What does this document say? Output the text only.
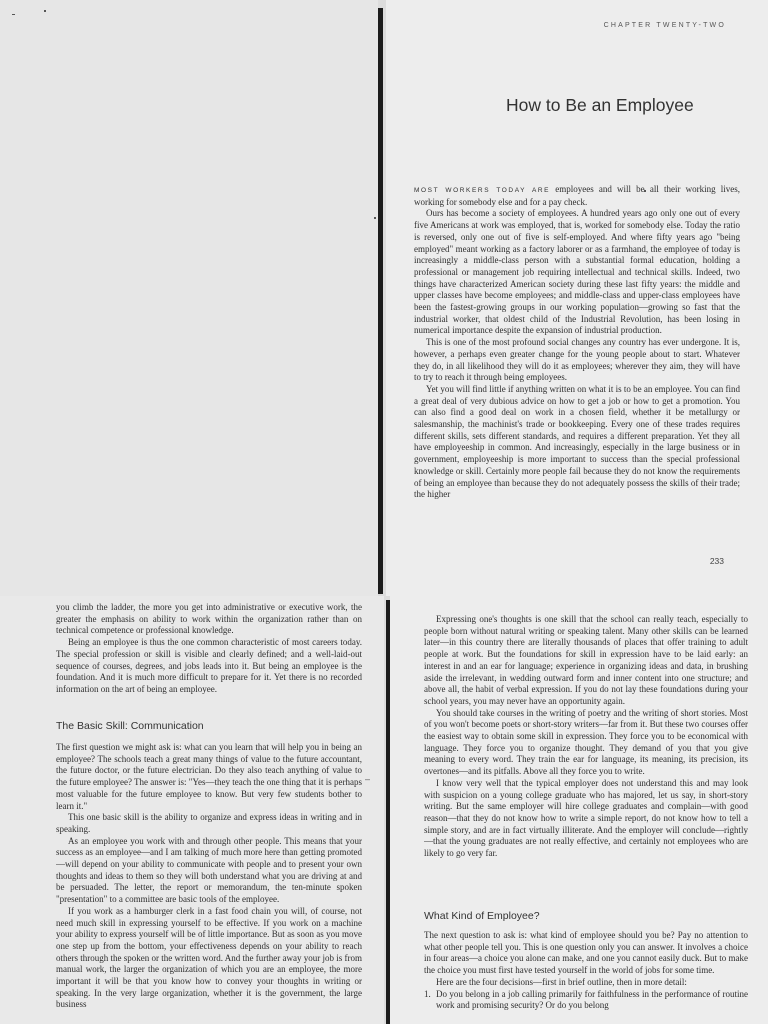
CHAPTER TWENTY-TWO
How to Be an Employee

MOST WORKERS TODAY ARE employees and will be all their working lives, working for somebody else and for a pay check.

Ours has become a society of employees. A hundred years ago only one out of every five Americans at work was employed, that is, worked for somebody else. Today the ratio is reversed, only one out of five is self-employed. And where fifty years ago "being employed" meant working as a factory laborer or as a farmhand, the employee of today is increasingly a middle-class person with a substantial formal education, holding a professional or management job requiring intellectual and technical skills. Indeed, two things have characterized American society during these last fifty years: the middle and upper classes have become employees; and middle-class and upper-class employees have been the fastest-growing groups in our working population—growing so fast that the industrial worker, that oldest child of the Industrial Revolution, has been losing in numerical importance despite the expansion of industrial production.

This is one of the most profound social changes any country has ever undergone. It is, however, a perhaps even greater change for the young people about to start. Whatever they do, in all likelihood they will do it as employees; wherever they aim, they will have to try to reach it through being employees.

Yet you will find little if anything written on what it is to be an employee. You can find a great deal of very dubious advice on how to get a job or how to get a promotion. You can also find a good deal on work in a chosen field, whether it be metallurgy or salesmanship, the machinist's trade or bookkeeping. Every one of these trades requires different skills, sets different standards, and requires a different preparation. Yet they all have employeeship in common. And increasingly, especially in the large business or in government, employeeship is more important to success than the special professional knowledge or skill. Certainly more people fail because they do not know the requirements of being an employee than because they do not adequately possess the skills of their trade; the higher

233

you climb the ladder, the more you get into administrative or executive work, the greater the emphasis on ability to work within the organization rather than on technical competence or professional knowledge.

Being an employee is thus the one common characteristic of most careers today. The special profession or skill is visible and clearly defined; and a well-laid-out sequence of courses, degrees, and jobs leads into it. But being an employee is the foundation. And it is much more difficult to prepare for it. Yet there is no recorded information on the art of being an employee.

The Basic Skill: Communication

The first question we might ask is: what can you learn that will help you in being an employee? The schools teach a great many things of value to the future accountant, the future doctor, or the future electrician. Do they also teach anything of value to the future employee? The answer is: "Yes—they teach the one thing that it is perhaps most valuable for the future employee to know. But very few students bother to learn it."

This one basic skill is the ability to organize and express ideas in writing and in speaking.

As an employee you work with and through other people. This means that your success as an employee—and I am talking of much more here than getting promoted—will depend on your ability to communicate with people and to present your own thoughts and ideas to them so they will both understand what you are driving at and be persuaded. The letter, the report or memorandum, the ten-minute spoken "presentation" to a committee are basic tools of the employee.

If you work as a hamburger clerk in a fast food chain you will, of course, not need much skill in expressing yourself to be effective. If you work on a machine your ability to express yourself will be of little importance. But as soon as you move one step up from the bottom, your effectiveness depends on your ability to reach others through the spoken or the written word. And the further away your job is from manual work, the larger the organization of which you are an employee, the more important it will be that you know how to convey your thoughts in writing or speaking. In the very large organization, whether it is the government, the large business

–

Expressing one's thoughts is one skill that the school can really teach, especially to people born without natural writing or speaking talent. Many other skills can be learned later—in this country there are literally thousands of places that offer training to adult people at work. But the foundations for skill in expression have to be laid early: an interest in and an ear for language; experience in organizing ideas and data, in brushing aside the irrelevant, in wedding outward form and inner content into one structure; and above all, the habit of verbal expression. If you do not lay these foundations during your school years, you may never have an opportunity again.

You should take courses in the writing of poetry and the writing of short stories. Most of you won't become poets or short-story writers—far from it. But these two courses offer the easiest way to obtain some skill in expression. They force you to be economical with language. They force you to organize thought. They demand of you that you give meaning to every word. They train the ear for language, its meaning, its precision, its overtones—and its pitfalls. Above all they force you to write.

I know very well that the typical employer does not understand this and may look with suspicion on a young college graduate who has majored, let us say, in short-story writing. But the same employer will hire college graduates and complain—with good reason—that they do not know how to write a simple report, do not know how to tell a simple story, and are in fact virtually illiterate. And the employer will conclude—rightly—that the young graduates are not really effective, and certainly not employees who are likely to go very far.

What Kind of Employee?

The next question to ask is: what kind of employee should you be? Pay no attention to what other people tell you. This is one question only you can answer. It involves a choice in four areas—a choice you alone can make, and one you cannot easily duck. But to make the choice you must first have tested yourself in the world of jobs for some time.

Here are the four decisions—first in brief outline, then in more detail:

1. Do you belong in a job calling primarily for faithfulness in the performance of routine work and promising security? Or do you belong
